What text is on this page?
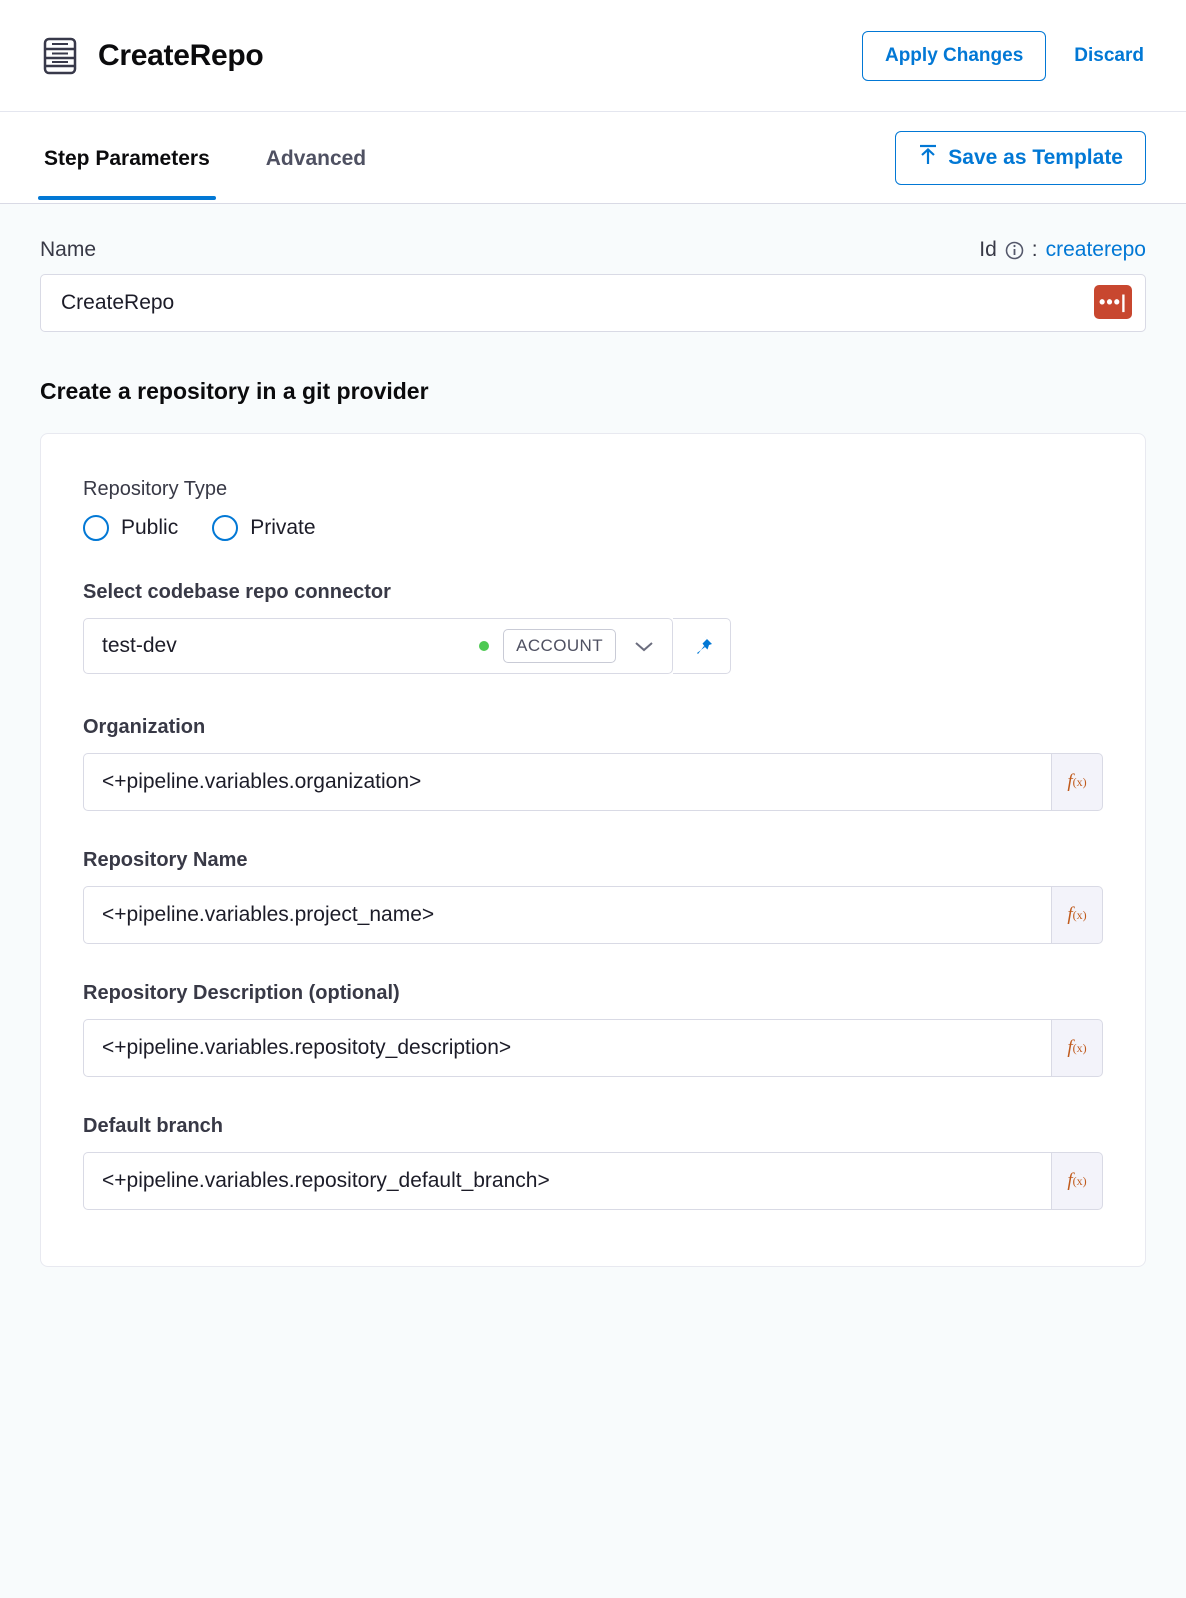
CreateRepo	Apply Changes	Discard
Step Parameters	Advanced	Save as Template
Name	Id : createrepo
CreateRepo
•••|
Create a repository in a git provider
Repository Type
Public	Private
Select codebase repo connector
test-dev	ACCOUNT
Organization
<+pipeline.variables.organization>
f (x)
Repository Name
<+pipeline.variables.project_name>
f (x)
Repository Description (optional)
<+pipeline.variables.repositoty_description>
f (x)
Default branch
<+pipeline.variables.repository_default_branch>
f (x)
